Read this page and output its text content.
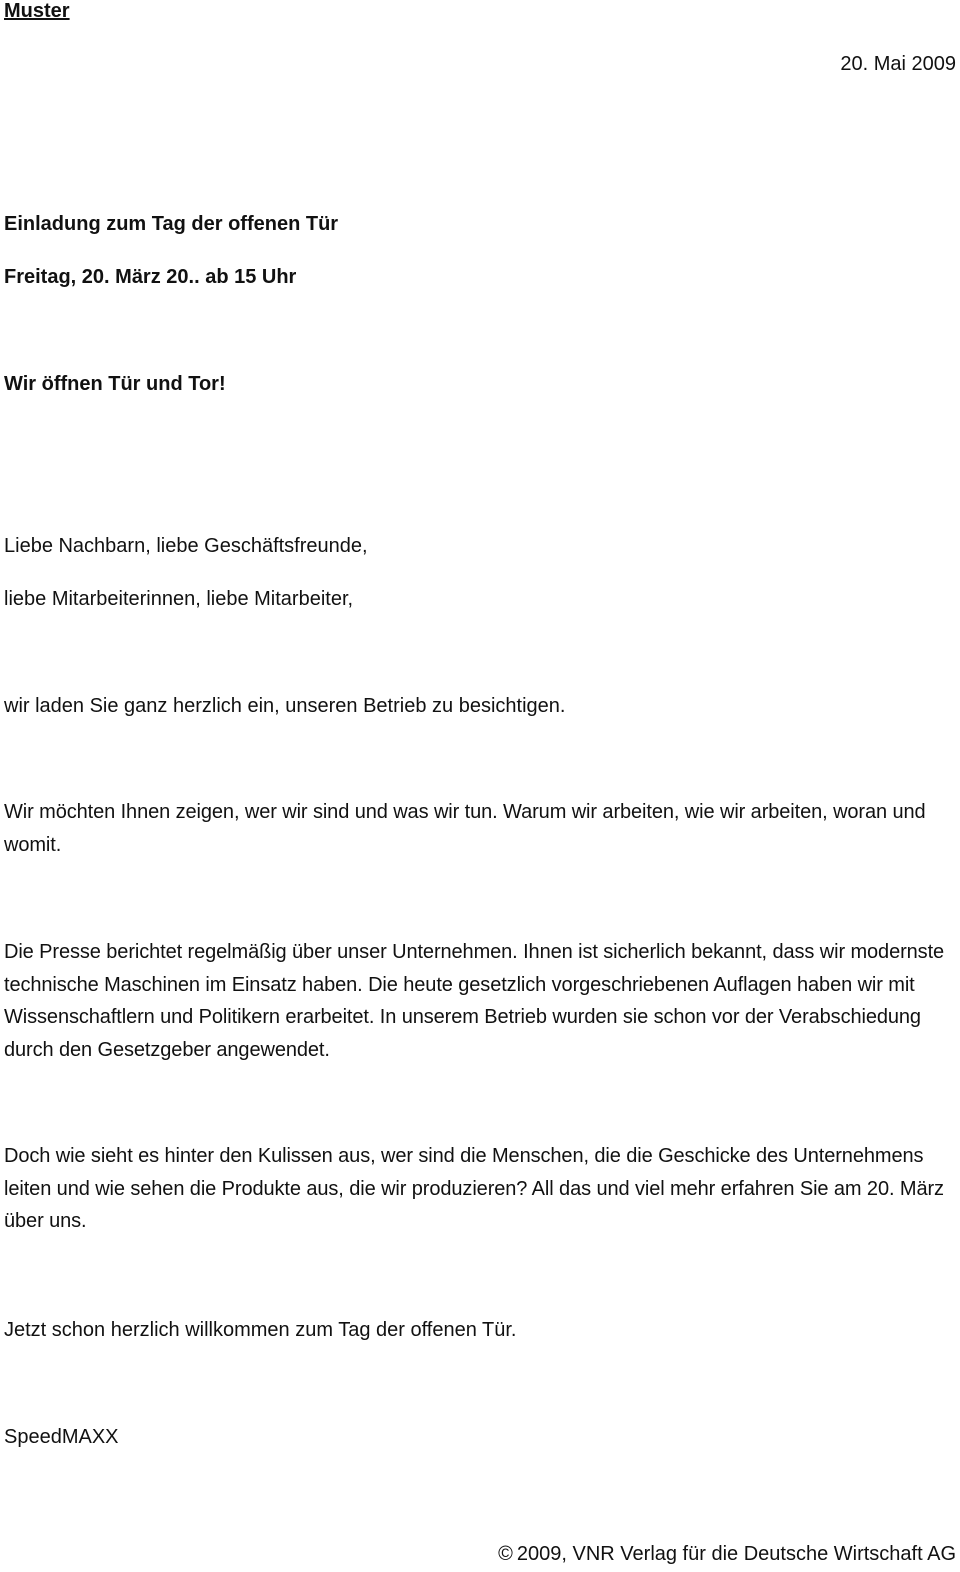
Muster

20. Mai 2009

Einladung zum Tag der offenen Tür

Freitag, 20. März 20.. ab 15 Uhr

Wir öffnen Tür und Tor!

Liebe Nachbarn, liebe Geschäftsfreunde,

liebe Mitarbeiterinnen, liebe Mitarbeiter,

wir laden Sie ganz herzlich ein, unseren Betrieb zu besichtigen.

Wir möchten Ihnen zeigen, wer wir sind und was wir tun. Warum wir arbeiten, wie wir arbeiten, woran und womit.

Die Presse berichtet regelmäßig über unser Unternehmen. Ihnen ist sicherlich bekannt, dass wir modernste technische Maschinen im Einsatz haben. Die heute gesetzlich vorgeschriebenen Auflagen haben wir mit Wissenschaftlern und Politikern erarbeitet. In unserem Betrieb wurden sie schon vor der Verabschiedung durch den Gesetzgeber angewendet.

Doch wie sieht es hinter den Kulissen aus, wer sind die Menschen, die die Geschicke des Unternehmens leiten und wie sehen die Produkte aus, die wir produzieren? All das und viel mehr erfahren Sie am 20. März über uns.

Jetzt schon herzlich willkommen zum Tag der offenen Tür.

SpeedMAXX

© 2009, VNR Verlag für die Deutsche Wirtschaft AG
